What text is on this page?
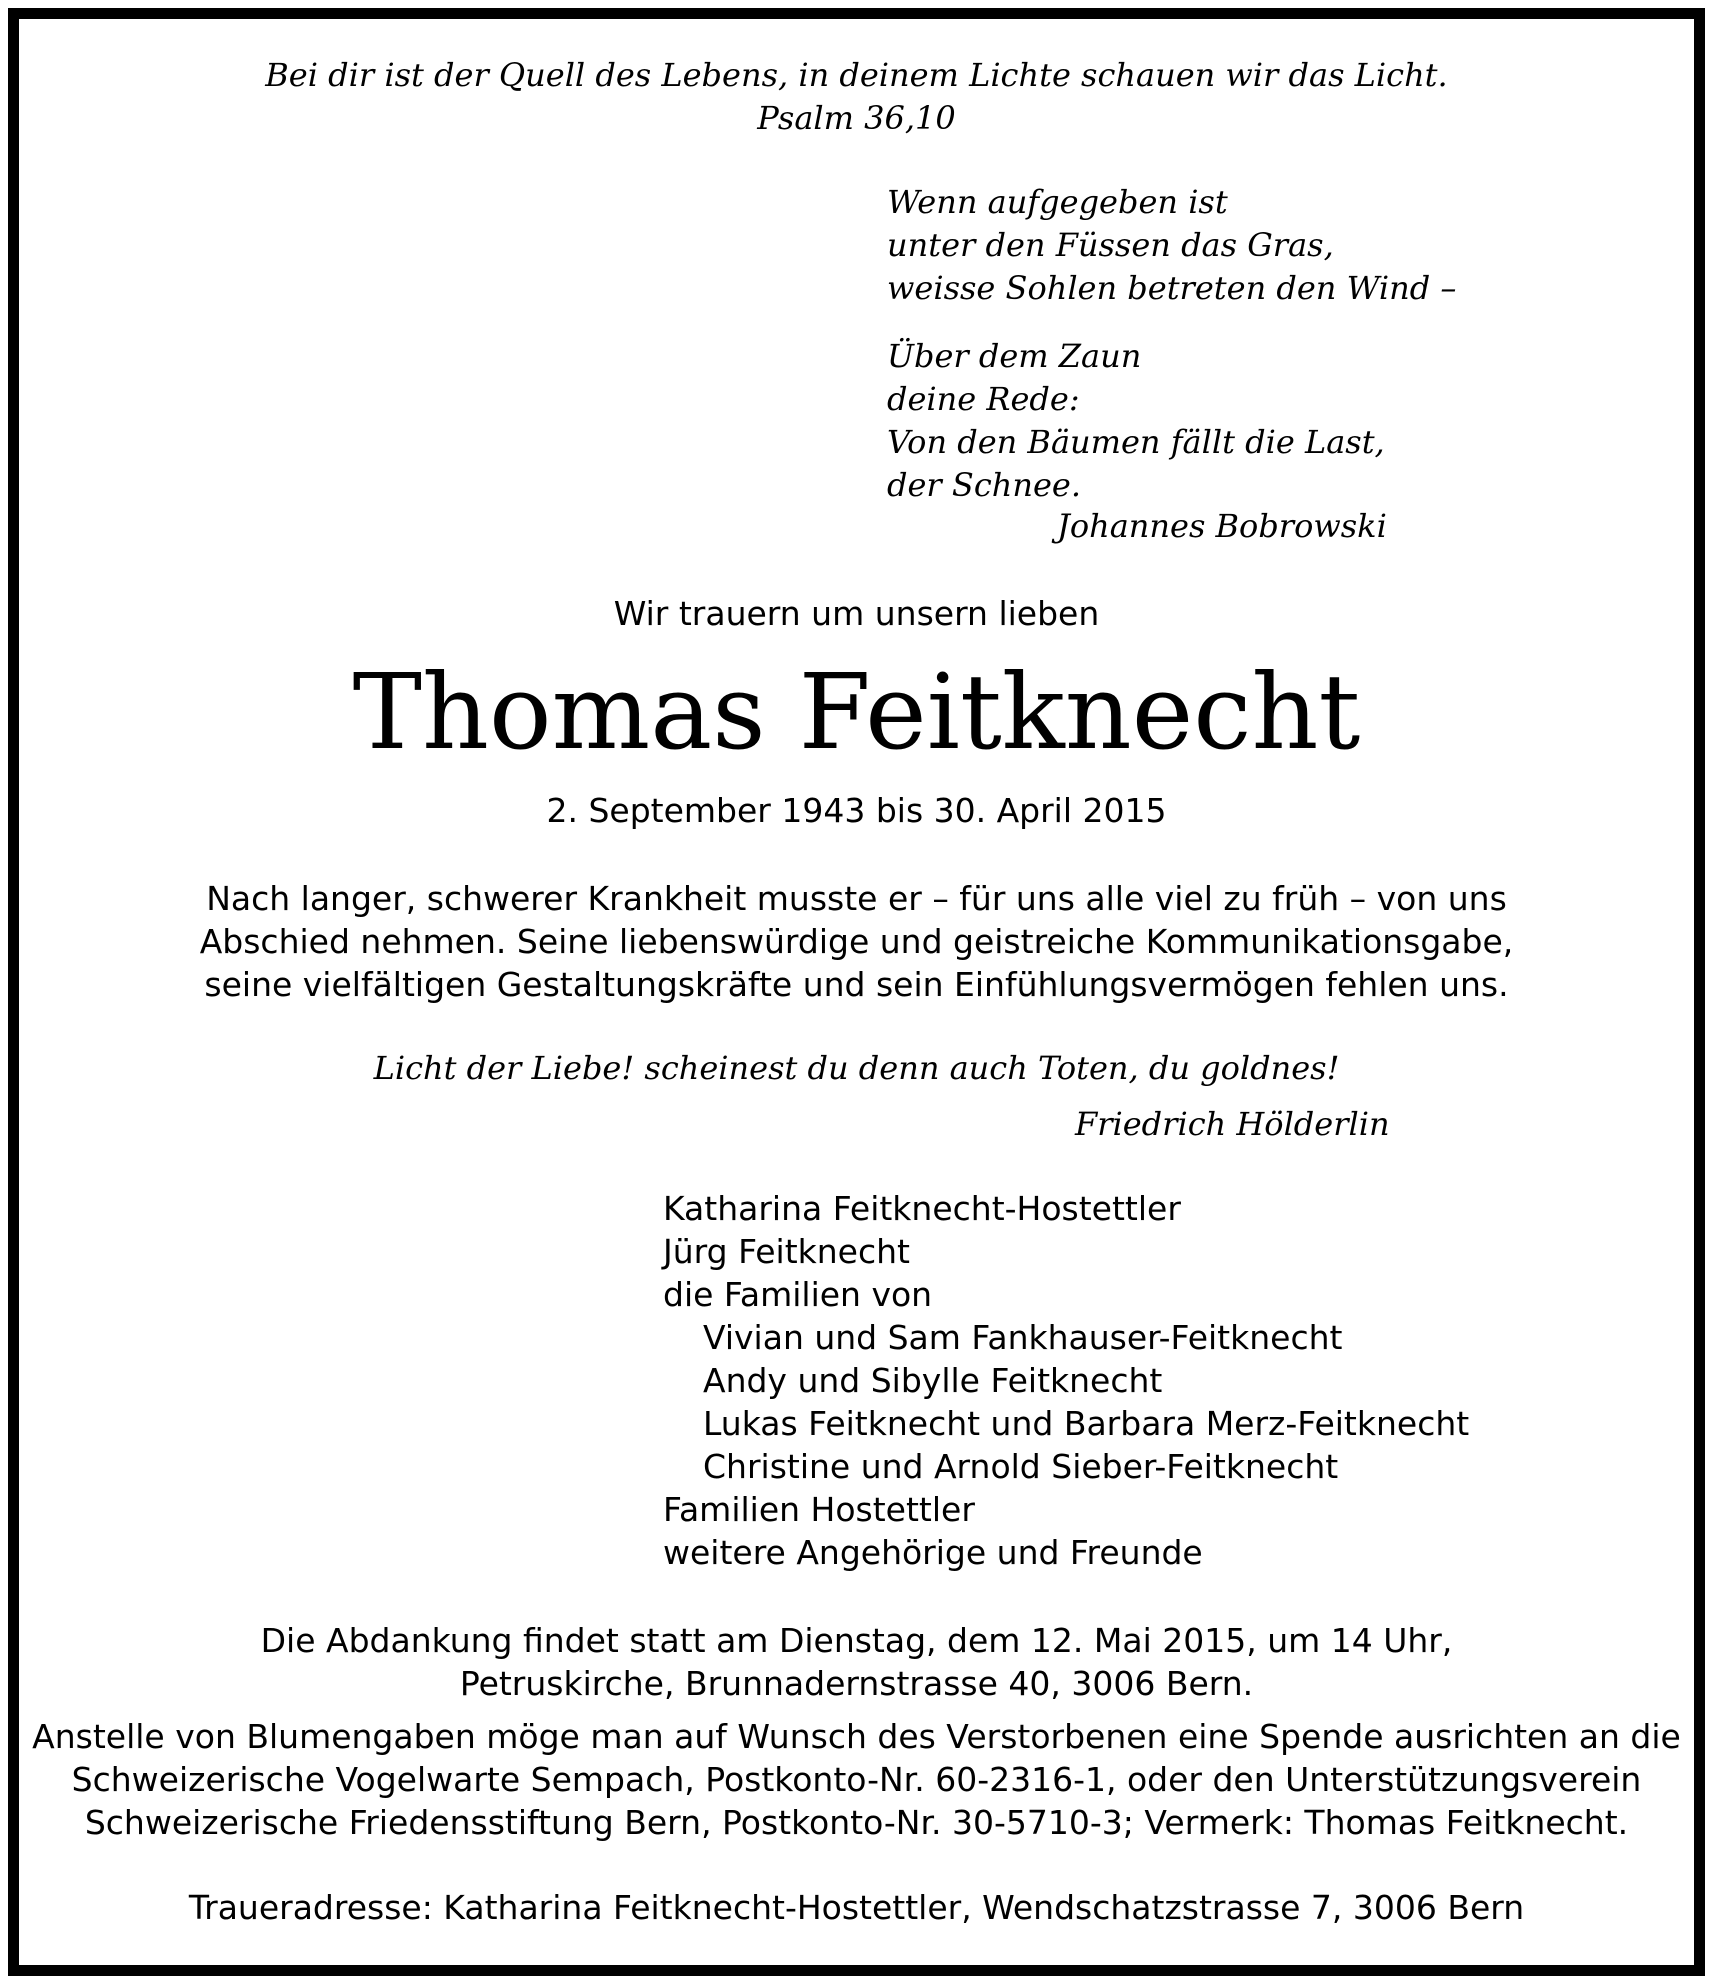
Bei dir ist der Quell des Lebens, in deinem Lichte schauen wir das Licht.

Psalm 36,10

Wenn aufgegeben ist
unter den Füssen das Gras,
weisse Sohlen betreten den Wind –
Über dem Zaun
deine Rede:
Von den Bäumen fällt die Last,
der Schnee.

Johannes Bobrowski

Wir trauern um unsern lieben

Thomas Feitknecht

2. September 1943 bis 30. April 2015

Nach langer, schwerer Krankheit musste er – für uns alle viel zu früh – von uns

Abschied nehmen. Seine liebenswürdige und geistreiche Kommunikationsgabe,

seine vielfältigen Gestaltungskräfte und sein Einfühlungsvermögen fehlen uns.

Licht der Liebe! scheinest du denn auch Toten, du goldnes!

Friedrich Hölderlin

Katharina Feitknecht-Hostettler
Jürg Feitknecht
die Familien von
Vivian und Sam Fankhauser-Feitknecht
Andy und Sibylle Feitknecht
Lukas Feitknecht und Barbara Merz-Feitknecht
Christine und Arnold Sieber-Feitknecht
Familien Hostettler
weitere Angehörige und Freunde

Die Abdankung findet statt am Dienstag, dem 12. Mai 2015, um 14 Uhr,

Petruskirche, Brunnadernstrasse 40, 3006 Bern.

Anstelle von Blumengaben möge man auf Wunsch des Verstorbenen eine Spende ausrichten an die

Schweizerische Vogelwarte Sempach, Postkonto-Nr. 60-2316-1, oder den Unterstützungsverein

Schweizerische Friedensstiftung Bern, Postkonto-Nr. 30-5710-3; Vermerk: Thomas Feitknecht.

Traueradresse: Katharina Feitknecht-Hostettler, Wendschatzstrasse 7, 3006 Bern
